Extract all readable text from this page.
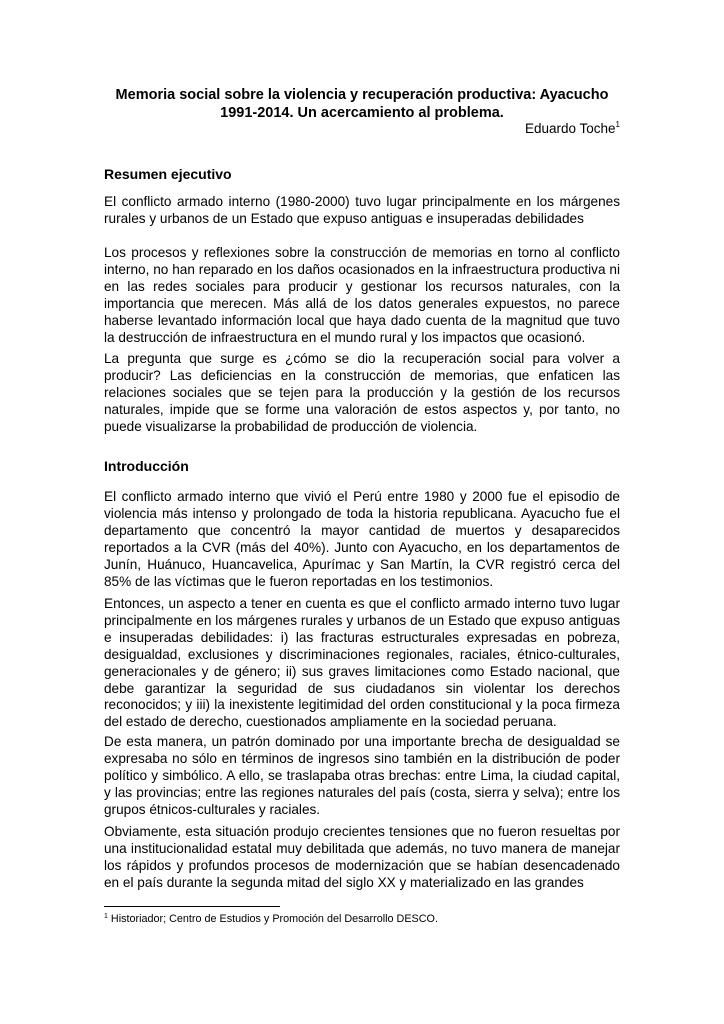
Memoria social sobre la violencia y recuperación productiva: Ayacucho 1991-2014. Un acercamiento al problema.
Eduardo Toche$^1$
Resumen ejecutivo

El conflicto armado interno (1980-2000) tuvo lugar principalmente en los márgenes rurales y urbanos de un Estado que expuso antiguas e insuperadas debilidades

Los procesos y reflexiones sobre la construcción de memorias en torno al conflicto interno, no han reparado en los daños ocasionados en la infraestructura productiva ni en las redes sociales para producir y gestionar los recursos naturales, con la importancia que merecen. Más allá de los datos generales expuestos, no parece haberse levantado información local que haya dado cuenta de la magnitud que tuvo la destrucción de infraestructura en el mundo rural y los impactos que ocasionó.

La pregunta que surge es ¿cómo se dio la recuperación social para volver a producir? Las deficiencias en la construcción de memorias, que enfaticen las relaciones sociales que se tejen para la producción y la gestión de los recursos naturales, impide que se forme una valoración de estos aspectos y, por tanto, no puede visualizarse la probabilidad de producción de violencia.

Introducción

El conflicto armado interno que vivió el Perú entre 1980 y 2000 fue el episodio de violencia más intenso y prolongado de toda la historia republicana. Ayacucho fue el departamento que concentró la mayor cantidad de muertos y desaparecidos reportados a la CVR (más del 40%). Junto con Ayacucho, en los departamentos de Junín, Huánuco, Huancavelica, Apurímac y San Martín, la CVR registró cerca del 85% de las víctimas que le fueron reportadas en los testimonios.

Entonces, un aspecto a tener en cuenta es que el conflicto armado interno tuvo lugar principalmente en los márgenes rurales y urbanos de un Estado que expuso antiguas e insuperadas debilidades: i) las fracturas estructurales expresadas en pobreza, desigualdad, exclusiones y discriminaciones regionales, raciales, étnico-culturales, generacionales y de género; ii) sus graves limitaciones como Estado nacional, que debe garantizar la seguridad de sus ciudadanos sin violentar los derechos reconocidos; y iii) la inexistente legitimidad del orden constitucional y la poca firmeza del estado de derecho, cuestionados ampliamente en la sociedad peruana.

De esta manera, un patrón dominado por una importante brecha de desigualdad se expresaba no sólo en términos de ingresos sino también en la distribución de poder político y simbólico. A ello, se traslapaba otras brechas: entre Lima, la ciudad capital, y las provincias; entre las regiones naturales del país (costa, sierra y selva); entre los grupos étnicos-culturales y raciales.

Obviamente, esta situación produjo crecientes tensiones que no fueron resueltas por una institucionalidad estatal muy debilitada que además, no tuvo manera de manejar los rápidos y profundos procesos de modernización que se habían desencadenado en el país durante la segunda mitad del siglo XX y materializado en las grandes

$^1$ Historiador; Centro de Estudios y Promoción del Desarrollo DESCO.
